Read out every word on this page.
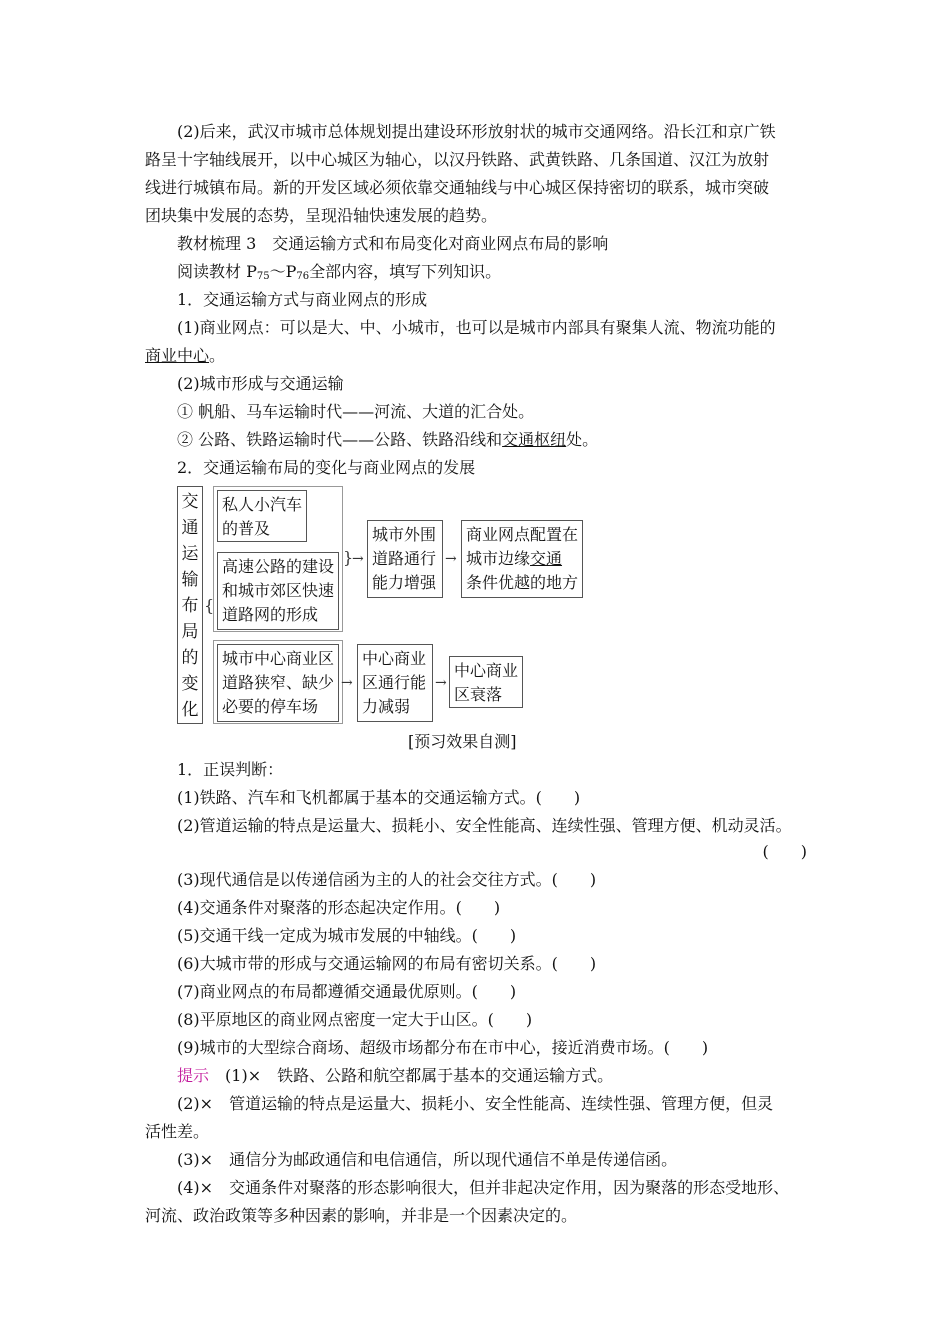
(2)后来，武汉市城市总体规划提出建设环形放射状的城市交通网络。沿长江和京广铁

路呈十字轴线展开，以中心城区为轴心，以汉丹铁路、武黄铁路、几条国道、汉江为放射

线进行城镇布局。新的开发区域必须依靠交通轴线与中心城区保持密切的联系，城市突破

团块集中发展的态势，呈现沿轴快速发展的趋势。

教材梳理 3　交通运输方式和布局变化对商业网点布局的影响

阅读教材 $P_{75}\sim P_{76}$全部内容，填写下列知识。

1．交通运输方式与商业网点的形成

(1)商业网点：可以是大、中、小城市，也可以是城市内部具有聚集人流、物流功能的

商业中心。

(2)城市形成与交通运输

① 帆船、马车运输时代——河流、大道的汇合处。

② 公路、铁路运输时代——公路、铁路沿线和交通枢纽处。

2．交通运输布局的变化与商业网点的发展

交
通
运
输
布
局
的
变
化
{
私人小汽车
的普及
高速公路的建设
和城市郊区快速
道路网的形成
}
→
城市外围
道路通行
能力增强
→
商业网点配置在
城市边缘交通
条件优越的地方
城市中心商业区
道路狭窄、缺少
必要的停车场
→
中心商业
区通行能
力减弱
→
中心商业
区衰落

[预习效果自测]

1．正误判断：

(1)铁路、汽车和飞机都属于基本的交通运输方式。(　　)

(2)管道运输的特点是运量大、损耗小、安全性能高、连续性强、管理方便、机动灵活。

(　　)

(3)现代通信是以传递信函为主的人的社会交往方式。(　　)

(4)交通条件对聚落的形态起决定作用。(　　)

(5)交通干线一定成为城市发展的中轴线。(　　)

(6)大城市带的形成与交通运输网的布局有密切关系。(　　)

(7)商业网点的布局都遵循交通最优原则。(　　)

(8)平原地区的商业网点密度一定大于山区。(　　)

(9)城市的大型综合商场、超级市场都分布在市中心，接近消费市场。(　　)

提示　 (1)×　铁路、公路和航空都属于基本的交通运输方式。

(2)×　管道运输的特点是运量大、损耗小、安全性能高、连续性强、管理方便，但灵

活性差。

(3)×　通信分为邮政通信和电信通信，所以现代通信不单是传递信函。

(4)×　交通条件对聚落的形态影响很大，但并非起决定作用，因为聚落的形态受地形、

河流、政治政策等多种因素的影响，并非是一个因素决定的。
